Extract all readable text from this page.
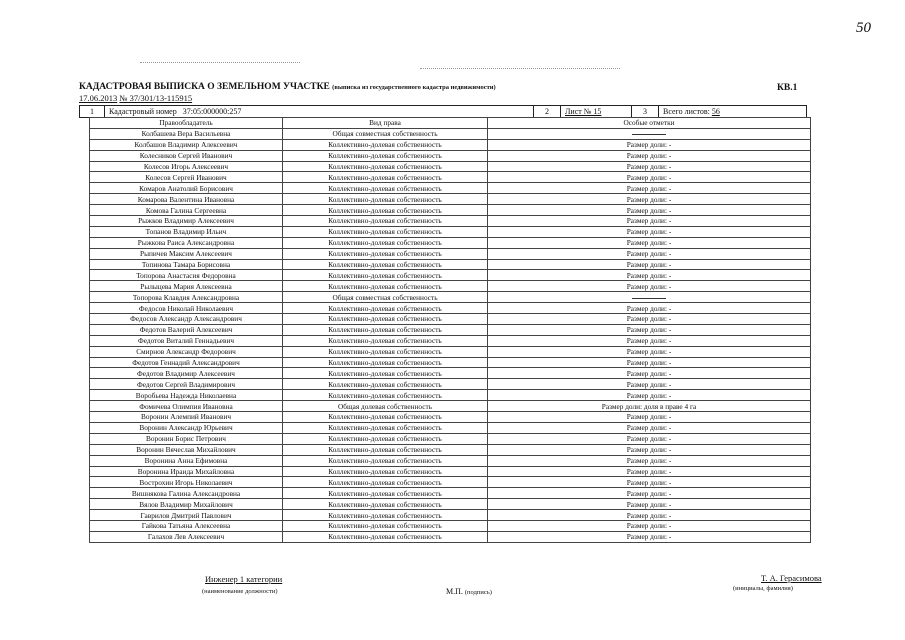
50
КАДАСТРОВАЯ ВЫПИСКА О ЗЕМЕЛЬНОМ УЧАСТКЕ (выписка из государственного кадастра недвижимости)	КВ.1
17.06.2013 № 37/301/13-115915
1	Кадастровый номер 37:05:000000:257	2	Лист № 15	3	Всего листов: 56
Правообладатель	Вид права	Особые отметки
Колбашева Вера Васильевна	Общая совместная собственность	
Колбашов Владимир Алексеевич	Коллективно-долевая собственность	Размер доли: -
Колесников Сергей Иванович	Коллективно-долевая собственность	Размер доли: -
Колесов Игорь Алексеевич	Коллективно-долевая собственность	Размер доли: -
Колесов Сергей Иванович	Коллективно-долевая собственность	Размер доли: -
Комаров Анатолий Борисович	Коллективно-долевая собственность	Размер доли: -
Комарова Валентина Ивановна	Коллективно-долевая собственность	Размер доли: -
Комова Галина Сергеевна	Коллективно-долевая собственность	Размер доли: -
Рыжков Владимир Алексеевич	Коллективно-долевая собственность	Размер доли: -
Топанов Владимир Ильич	Коллективно-долевая собственность	Размер доли: -
Рыжкова Раиса Александровна	Коллективно-долевая собственность	Размер доли: -
Рыпичев Максим Алексеевич	Коллективно-долевая собственность	Размер доли: -
Топинова Тамара Борисовна	Коллективно-долевая собственность	Размер доли: -
Топорова Анастасия Федоровна	Коллективно-долевая собственность	Размер доли: -
Рылыцева Мария Алексеевна	Коллективно-долевая собственность	Размер доли: -
Топорова Клавдия Александровна	Общая совместная собственность	
Федосов Николай Николаевич	Коллективно-долевая собственность	Размер доли: -
Федосов Александр Александрович	Коллективно-долевая собственность	Размер доли: -
Федотов Валерий Алексеевич	Коллективно-долевая собственность	Размер доли: -
Федотов Виталий Геннадьевич	Коллективно-долевая собственность	Размер доли: -
Смирнов Александр Федорович	Коллективно-долевая собственность	Размер доли: -
Федотов Геннадий Александрович	Коллективно-долевая собственность	Размер доли: -
Федотов Владимир Алексеевич	Коллективно-долевая собственность	Размер доли: -
Федотов Сергей Владимирович	Коллективно-долевая собственность	Размер доли: -
Воробьева Надежда Николаевна	Коллективно-долевая собственность	Размер доли: -
Фомичева Олимпия Ивановна	Общая долевая собственность	Размер доли: доля в праве 4 га
Воронин Алемпий Иванович	Коллективно-долевая собственность	Размер доли: -
Воронин Александр Юрьевич	Коллективно-долевая собственность	Размер доли: -
Воронин Борис Петрович	Коллективно-долевая собственность	Размер доли: -
Воронин Вячеслав Михайлович	Коллективно-долевая собственность	Размер доли: -
Воронина Анна Ефимовна	Коллективно-долевая собственность	Размер доли: -
Воронина Ираида Михайловна	Коллективно-долевая собственность	Размер доли: -
Вострохин Игорь Николаевич	Коллективно-долевая собственность	Размер доли: -
Вишнякова Галина Александровна	Коллективно-долевая собственность	Размер доли: -
Вялов Владимир Михайлович	Коллективно-долевая собственность	Размер доли: -
Гаврилов Дмитрий Павлович	Коллективно-долевая собственность	Размер доли: -
Гайкова Татьяна Алексеевна	Коллективно-долевая собственность	Размер доли: -
Галахов Лев Алексеевич	Коллективно-долевая собственность	Размер доли: -
Инженер 1 категории
(наименование должности)	М.П. (подпись)
Т. А. Герасимова
(инициалы, фамилия)
